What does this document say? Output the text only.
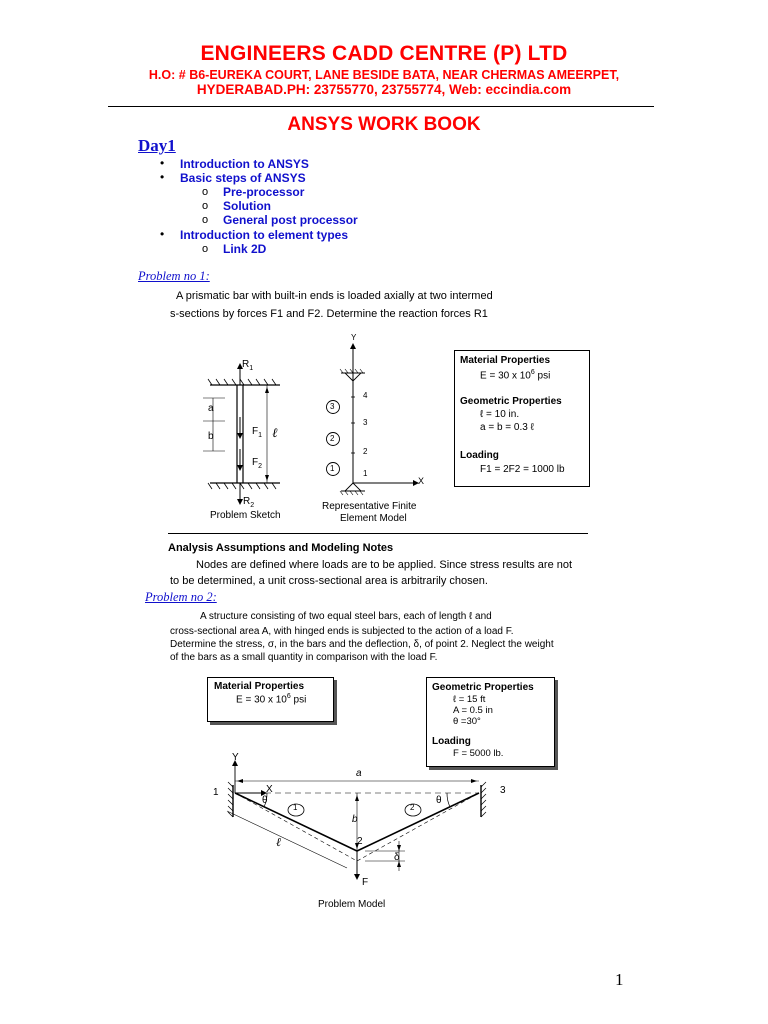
ENGINEERS CADD CENTRE (P) LTD
H.O: # B6-EUREKA COURT, LANE BESIDE BATA, NEAR CHERMAS AMEERPET,
HYDERABAD.PH: 23755770, 23755774, Web: eccindia.com
ANSYS WORK BOOK
Day1
• Introduction to ANSYS
• Basic steps of ANSYS
o Pre-processor
o Solution
o General post processor
• Introduction to element types
o Link 2D
Problem no 1:
A prismatic bar with built-in ends is loaded axially at two intermed
s-sections by forces F1 and F2. Determine the reaction forces R1
$R_1$
$R_2$
a
b	$F_1$
$F_2$
ℓ
Problem Sketch
Y
X
3
2
1
4
3
2
1
Representative Finite
Element Model
Material Properties
E = 30 x $10^6$ psi
Geometric Properties
ℓ = 10 in.
a = b = 0.3 ℓ
Loading
F1 = 2F2 = 1000 lb
Analysis Assumptions and Modeling Notes
Nodes are defined where loads are to be applied. Since stress results are not
to be determined, a unit cross-sectional area is arbitrarily chosen.
Problem no 2:
A structure consisting of two equal steel bars, each of length ℓ and
cross-sectional area A, with hinged ends is subjected to the action of a load F.
Determine the stress, σ, in the bars and the deflection, δ, of point 2. Neglect the weight
of the bars as a small quantity in comparison with the load F.
Material Properties
E = 30 x $10^6$ psi
Geometric Properties
ℓ = 15 ft
A = 0.5 in
θ =30°
Loading
F = 5000 lb.
Y
X
a
b
θ	θ
1
2
3
1	2
ℓ
δ
F
Problem Model
1
